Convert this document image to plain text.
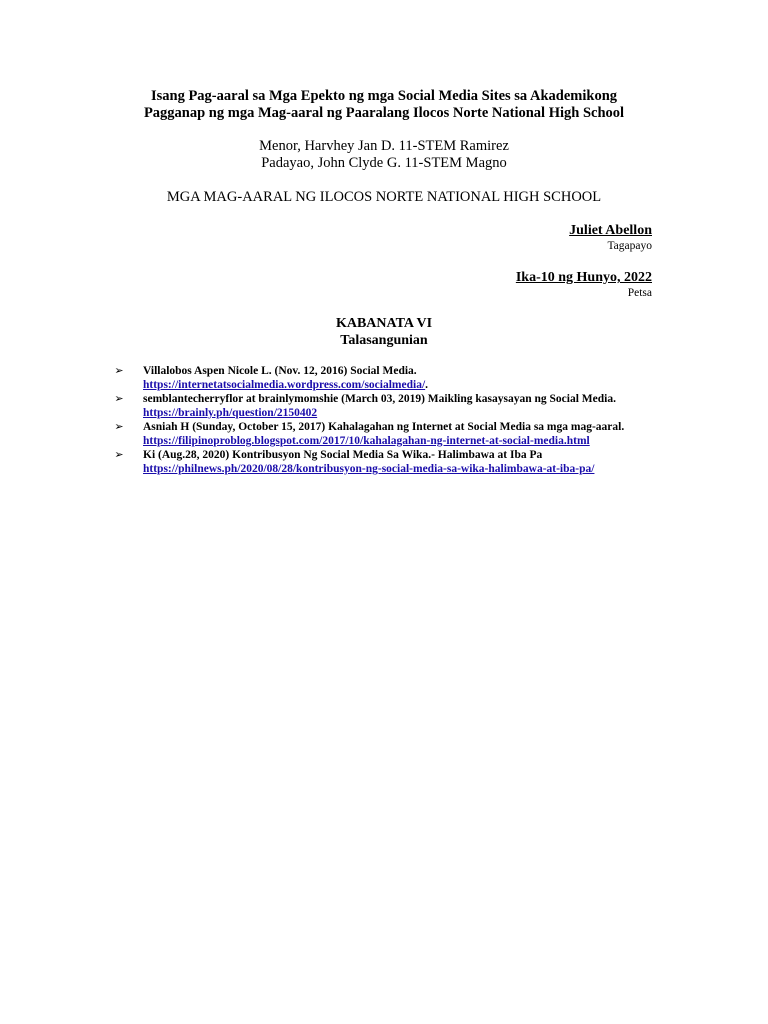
Isang Pag-aaral sa Mga Epekto ng mga Social Media Sites sa Akademikong
Pagganap ng mga Mag-aaral ng Paaralang Ilocos Norte National High School
Menor, Harvhey Jan D. 11-STEM Ramirez
Padayao, John Clyde G. 11-STEM Magno
MGA MAG-AARAL NG ILOCOS NORTE NATIONAL HIGH SCHOOL
Juliet Abellon
Tagapayo
Ika-10 ng Hunyo, 2022
Petsa
KABANATA VI
Talasangunian
➢ Villalobos Aspen Nicole L. (Nov. 12, 2016) Social Media.
https://internetatsocialmedia.wordpress.com/socialmedia/.
➢ semblantecherryflor at brainlymomshie (March 03, 2019) Maikling kasaysayan ng Social Media. https://brainly.ph/question/2150402
➢ Asniah H (Sunday, October 15, 2017) Kahalagahan ng Internet at Social Media sa mga mag-aaral. https://filipinoproblog.blogspot.com/2017/10/kahalagahan-ng-internet-at-social-media.html
➢ Ki (Aug.28, 2020) Kontribusyon Ng Social Media Sa Wika.- Halimbawa at Iba Pa
https://philnews.ph/2020/08/28/kontribusyon-ng-social-media-sa-wika-halimbawa-at-iba-pa/
